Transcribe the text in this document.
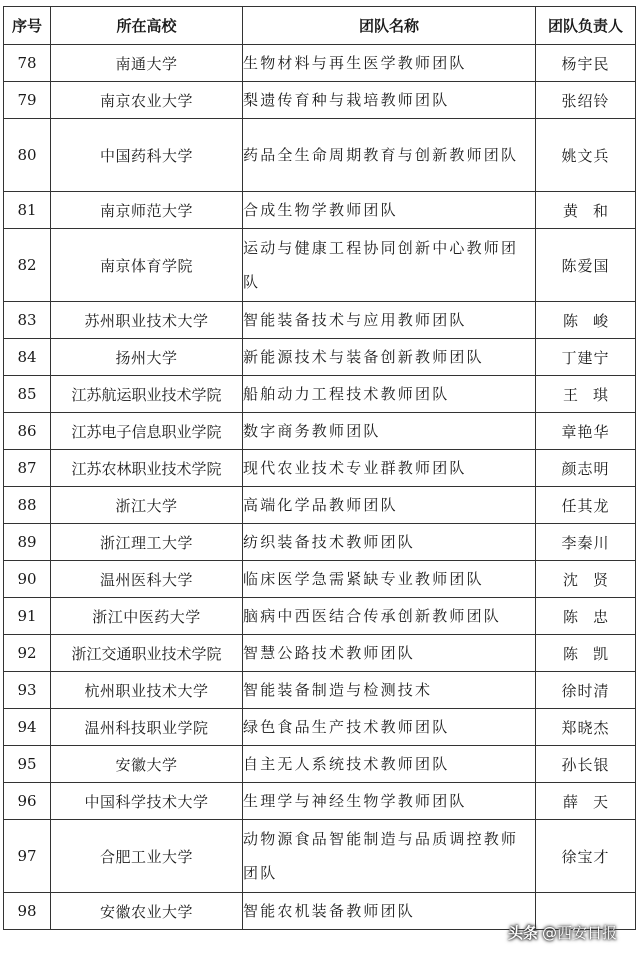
序号	所在高校	团队名称	团队负责人
78	南通大学	生物材料与再生医学教师团队	杨宇民
79	南京农业大学	梨遗传育种与栽培教师团队	张绍铃
80	中国药科大学	药品全生命周期教育与创新教师团队	姚文兵
81	南京师范大学	合成生物学教师团队	黄和
82	南京体育学院	运动与健康工程协同创新中心教师团队	陈爱国
83	苏州职业技术大学	智能装备技术与应用教师团队	陈峻
84	扬州大学	新能源技术与装备创新教师团队	丁建宁
85	江苏航运职业技术学院	船舶动力工程技术教师团队	王琪
86	江苏电子信息职业学院	数字商务教师团队	章艳华
87	江苏农林职业技术学院	现代农业技术专业群教师团队	颜志明
88	浙江大学	高端化学品教师团队	任其龙
89	浙江理工大学	纺织装备技术教师团队	李秦川
90	温州医科大学	临床医学急需紧缺专业教师团队	沈贤
91	浙江中医药大学	脑病中西医结合传承创新教师团队	陈忠
92	浙江交通职业技术学院	智慧公路技术教师团队	陈凯
93	杭州职业技术大学	智能装备制造与检测技术	徐时清
94	温州科技职业学院	绿色食品生产技术教师团队	郑晓杰
95	安徽大学	自主无人系统技术教师团队	孙长银
96	中国科学技术大学	生理学与神经生物学教师团队	薛天
97	合肥工业大学	动物源食品智能制造与品质调控教师团队	徐宝才
98	安徽农业大学	智能农机装备教师团队	
头条 @西安日报
